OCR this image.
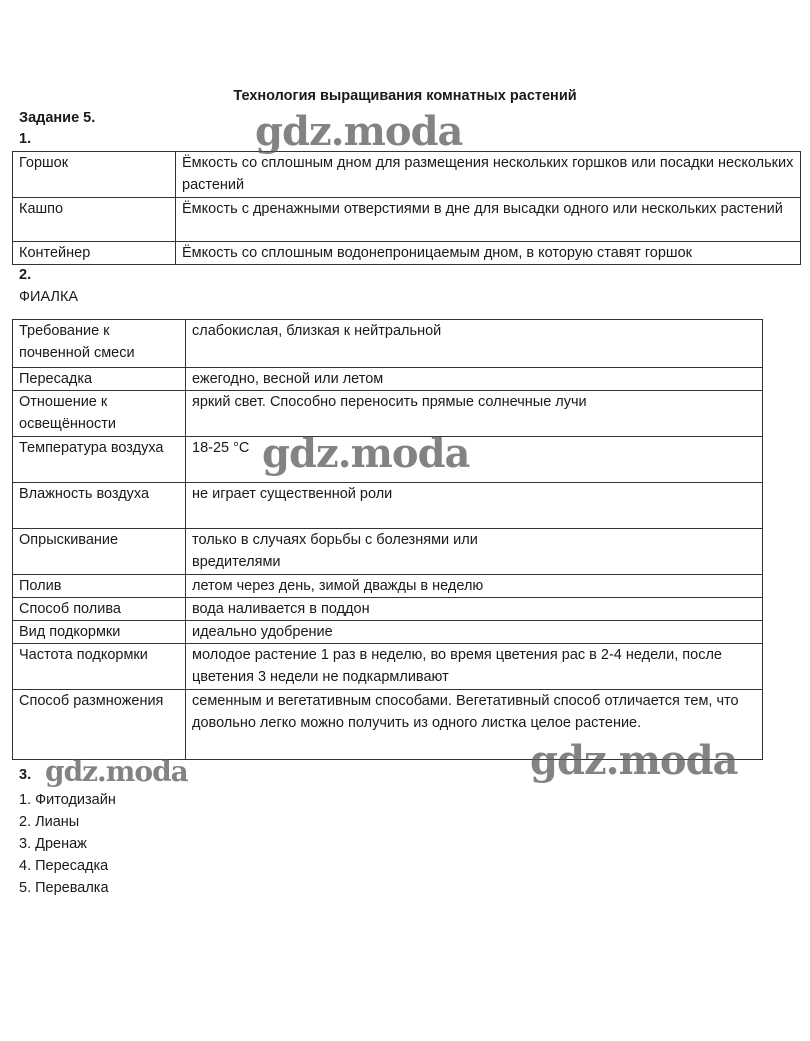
Технология выращивания комнатных растений
Задание 5.
1.
Горшок	Ёмкость со сплошным дном для размещения нескольких горшков или посадки нескольких растений
Кашпо	Ёмкость с дренажными отверстиями в дне для высадки одного или нескольких растений
Контейнер	Ёмкость со сплошным водонепроницаемым дном, в которую ставят горшок
2.
ФИАЛКА
Требование к почвенной смеси	слабокислая, близкая к нейтральной
Пересадка	ежегодно, весной или летом
Отношение к освещённости	яркий свет. Способно переносить прямые солнечные лучи
Температура воздуха	18-25 °С
Влажность воздуха	не играет существенной роли
Опрыскивание	только в случаях борьбы с болезнями или вредителями
Полив	летом через день, зимой дважды в неделю
Способ полива	вода наливается в поддон
Вид подкормки	идеально удобрение
Частота подкормки	молодое растение 1 раз в неделю, во время цветения рас в 2-4 недели, после цветения 3 недели не подкармливают
Способ размножения	семенным и вегетативным способами. Вегетативный способ отличается тем, что довольно легко можно получить из одного листка целое растение.
3.
1. Фитодизайн
2. Лианы
3. Дренаж
4. Пересадка
5. Перевалка
gdz.moda
gdz.moda
gdz.moda	gdz.moda
